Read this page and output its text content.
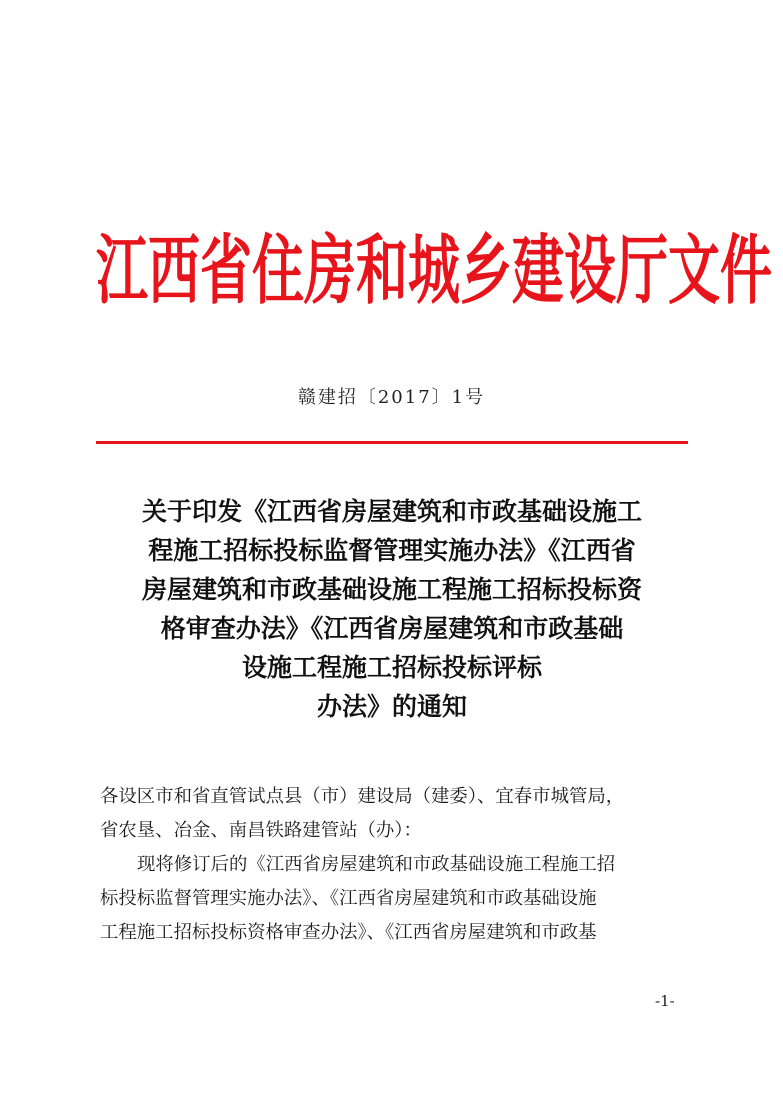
江西省住房和城乡建设厅文件
赣建招〔2017〕1号
关于印发《江西省房屋建筑和市政基础设施工
程施工招标投标监督管理实施办法》《江西省
房屋建筑和市政基础设施工程施工招标投标资
格审查办法》《江西省房屋建筑和市政基础
设施工程施工招标投标评标
办法》的通知
各设区市和省直管试点县（市）建设局（建委）、宜春市城管局，
省农垦、冶金、南昌铁路建管站（办）：
现将修订后的《江西省房屋建筑和市政基础设施工程施工招
标投标监督管理实施办法》、《江西省房屋建筑和市政基础设施
工程施工招标投标资格审查办法》、《江西省房屋建筑和市政基
-1-
